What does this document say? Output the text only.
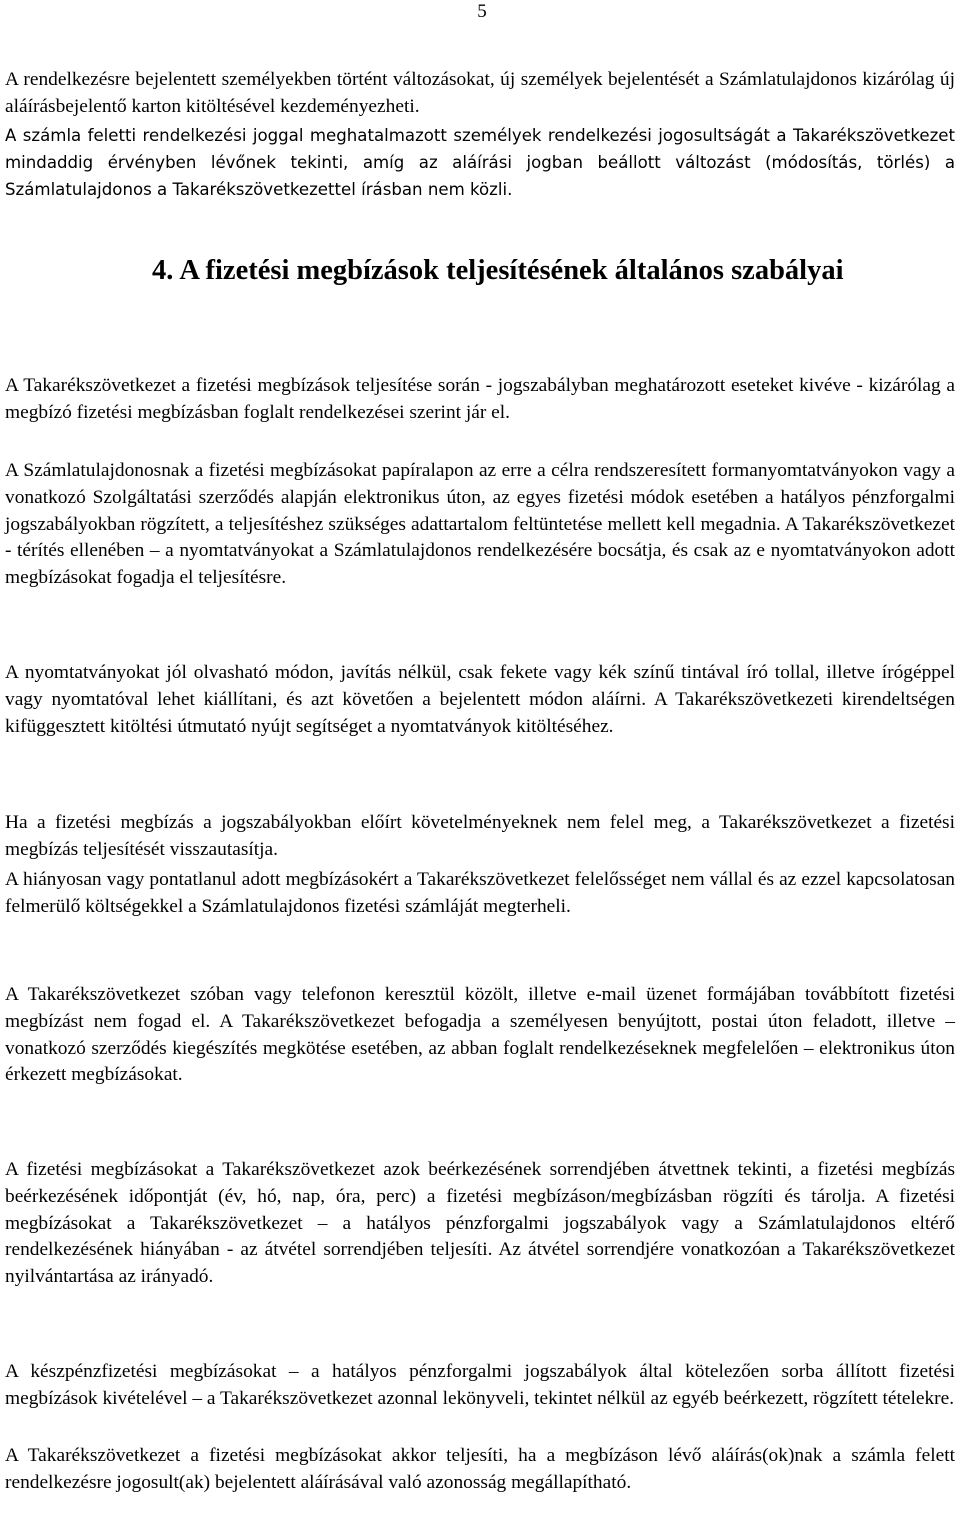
5

A rendelkezésre bejelentett személyekben történt változásokat, új személyek bejelentését a Számlatulajdonos kizárólag új aláírásbejelentő karton kitöltésével kezdeményezheti.

A számla feletti rendelkezési joggal meghatalmazott személyek rendelkezési jogosultságát a Takarékszövetkezet mindaddig érvényben lévőnek tekinti, amíg az aláírási jogban beállott változást (módosítás, törlés) a Számlatulajdonos a Takarékszövetkezettel írásban nem közli.

4. A fizetési megbízások teljesítésének általános szabályai

A Takarékszövetkezet a fizetési megbízások teljesítése során - jogszabályban meghatározott eseteket kivéve - kizárólag a megbízó fizetési megbízásban foglalt rendelkezései szerint jár el.

A Számlatulajdonosnak a fizetési megbízásokat papíralapon az erre a célra rendszeresített formanyomtatványokon vagy a vonatkozó Szolgáltatási szerződés alapján elektronikus úton, az egyes fizetési módok esetében a hatályos pénzforgalmi jogszabályokban rögzített, a teljesítéshez szükséges adattartalom feltüntetése mellett kell megadnia. A Takarékszövetkezet - térítés ellenében – a nyomtatványokat a Számlatulajdonos rendelkezésére bocsátja, és csak az e nyomtatványokon adott megbízásokat fogadja el teljesítésre.

A nyomtatványokat jól olvasható módon, javítás nélkül, csak fekete vagy kék színű tintával író tollal, illetve írógéppel vagy nyomtatóval lehet kiállítani, és azt követően a bejelentett módon aláírni. A Takarékszövetkezeti kirendeltségen kifüggesztett kitöltési útmutató nyújt segítséget a nyomtatványok kitöltéséhez.

Ha a fizetési megbízás a jogszabályokban előírt követelményeknek nem felel meg, a Takarékszövetkezet a fizetési megbízás teljesítését visszautasítja.

A hiányosan vagy pontatlanul adott megbízásokért a Takarékszövetkezet felelősséget nem vállal és az ezzel kapcsolatosan felmerülő költségekkel a Számlatulajdonos fizetési számláját megterheli.

A Takarékszövetkezet szóban vagy telefonon keresztül közölt, illetve e-mail üzenet formájában továbbított fizetési megbízást nem fogad el. A Takarékszövetkezet befogadja a személyesen benyújtott, postai úton feladott, illetve – vonatkozó szerződés kiegészítés megkötése esetében, az abban foglalt rendelkezéseknek megfelelően – elektronikus úton érkezett megbízásokat.

A fizetési megbízásokat a Takarékszövetkezet azok beérkezésének sorrendjében átvettnek tekinti, a fizetési megbízás beérkezésének időpontját (év, hó, nap, óra, perc) a fizetési megbízáson/megbízásban rögzíti és tárolja. A fizetési megbízásokat a Takarékszövetkezet – a hatályos pénzforgalmi jogszabályok vagy a Számlatulajdonos eltérő rendelkezésének hiányában - az átvétel sorrendjében teljesíti. Az átvétel sorrendjére vonatkozóan a Takarékszövetkezet nyilvántartása az irányadó.

A készpénzfizetési megbízásokat – a hatályos pénzforgalmi jogszabályok által kötelezően sorba állított fizetési megbízások kivételével – a Takarékszövetkezet azonnal lekönyveli, tekintet nélkül az egyéb beérkezett, rögzített tételekre.

A Takarékszövetkezet a fizetési megbízásokat akkor teljesíti, ha a megbízáson lévő aláírás(ok)nak a számla felett rendelkezésre jogosult(ak) bejelentett aláírásával való azonosság megállapítható.
